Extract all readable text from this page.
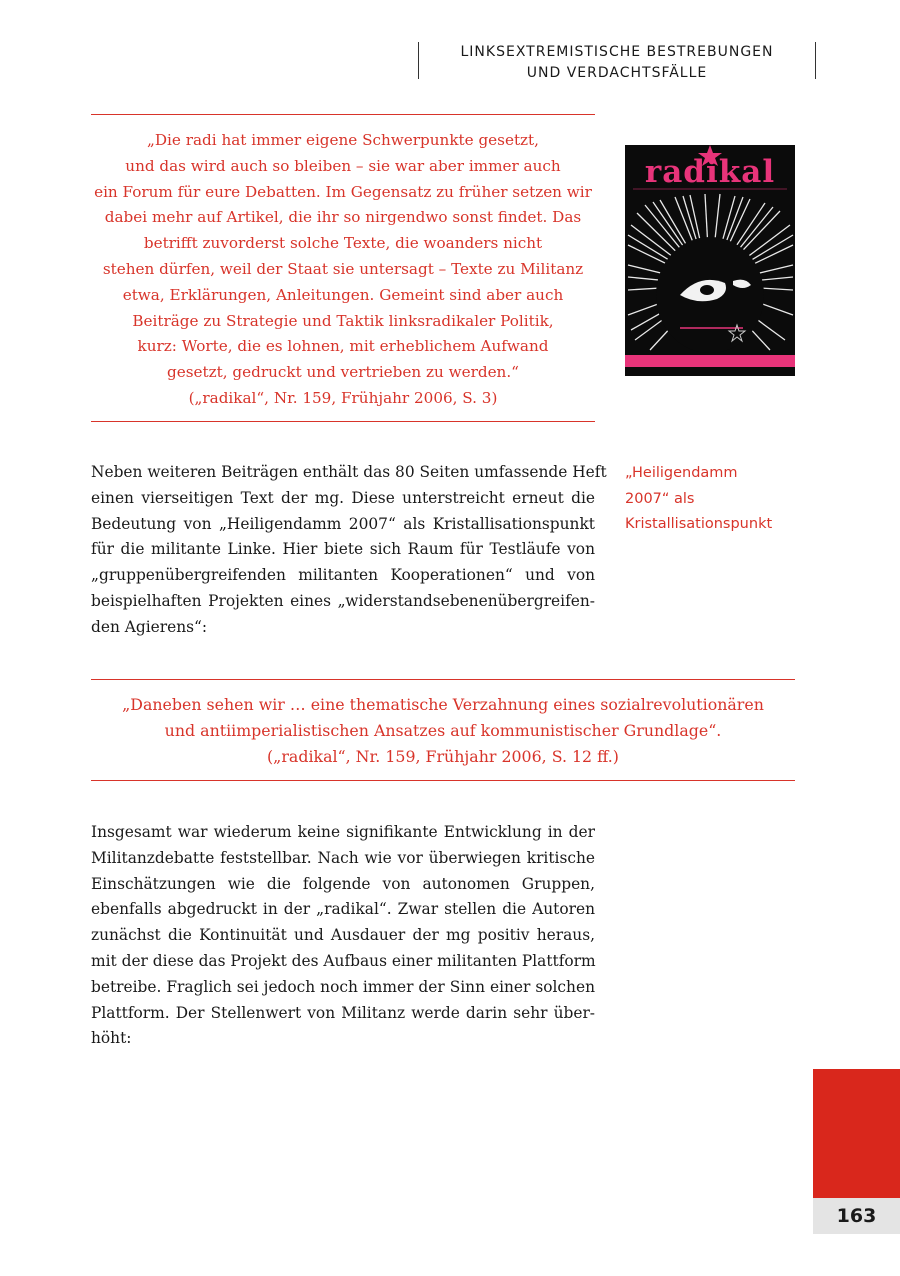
LINKSEXTREMISTISCHE BESTREBUNGEN
UND VERDACHTSFÄLLE
„Die radi hat immer eigene Schwerpunkte gesetzt,
und das wird auch so bleiben – sie war aber immer auch
ein Forum für eure Debatten. Im Gegensatz zu früher setzen wir
dabei mehr auf Artikel, die ihr so nirgendwo sonst findet. Das
betrifft zuvorderst solche Texte, die woanders nicht
stehen dürfen, weil der Staat sie untersagt – Texte zu Militanz
etwa, Erklärungen, Anleitungen. Gemeint sind aber auch
Beiträge zu Strategie und Taktik linksradikaler Politik,
kurz: Worte, die es lohnen, mit erheblichem Aufwand
gesetzt, gedruckt und vertrieben zu werden.“
(„radikal“, Nr. 159, Frühjahr 2006, S. 3)
radikal
Neben weiteren Beiträgen enthält das 80 Seiten umfassende Heft
einen vierseitigen Text der mg. Diese unterstreicht erneut die
Bedeutung von „Heiligendamm 2007“ als Kristallisationspunkt
für die militante Linke. Hier biete sich Raum für Testläufe von
„gruppenübergreifenden militanten Kooperationen“ und von
beispielhaften Projekten eines „widerstandsebenenübergreifen-
den Agierens“:
„Heiligendamm
2007“ als
Kristallisationspunkt
„Daneben sehen wir … eine thematische Verzahnung eines sozialrevolutionären
und antiimperialistischen Ansatzes auf kommunistischer Grundlage“.
(„radikal“, Nr. 159, Frühjahr 2006, S. 12 ff.)
Insgesamt war wiederum keine signifikante Entwicklung in der
Militanzdebatte feststellbar. Nach wie vor überwiegen kritische
Einschätzungen wie die folgende von autonomen Gruppen,
ebenfalls abgedruckt in der „radikal“. Zwar stellen die Autoren
zunächst die Kontinuität und Ausdauer der mg positiv heraus,
mit der diese das Projekt des Aufbaus einer militanten Plattform
betreibe. Fraglich sei jedoch noch immer der Sinn einer solchen
Plattform. Der Stellenwert von Militanz werde darin sehr über-
höht:
163
